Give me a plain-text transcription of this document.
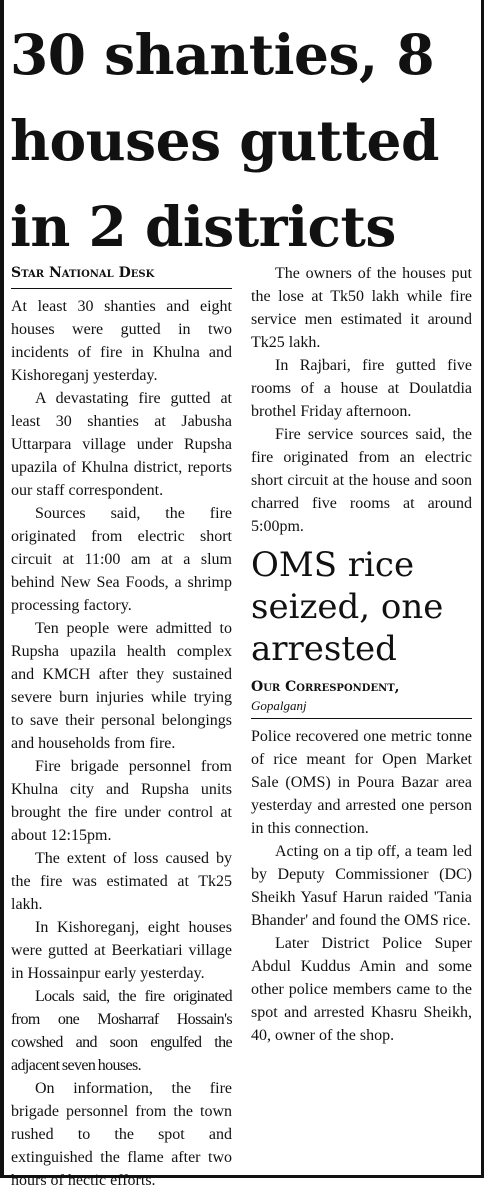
30 shanties, 8 houses gutted in 2 districts
Star National Desk

At least 30 shanties and eight houses were gutted in two incidents of fire in Khulna and Kishoreganj yesterday.

A devastating fire gutted at least 30 shanties at Jabusha Uttarpara village under Rupsha upazila of Khulna district, reports our staff correspondent.

Sources said, the fire originated from electric short circuit at 11:00 am at a slum behind New Sea Foods, a shrimp processing factory.

Ten people were admitted to Rupsha upazila health complex and KMCH after they sustained severe burn injuries while trying to save their personal belongings and households from fire.

Fire brigade personnel from Khulna city and Rupsha units brought the fire under control at about 12:15pm.

The extent of loss caused by the fire was estimated at Tk25 lakh.

In Kishoreganj, eight houses were gutted at Beerkatiari village in Hossainpur early yesterday.

Locals said, the fire originated from one Mosharraf Hossain's cowshed and soon engulfed the adjacent seven houses.

On information, the fire brigade personnel from the town rushed to the spot and extinguished the flame after two hours of hectic efforts.

The owners of the houses put the lose at Tk50 lakh while fire service men estimated it around Tk25 lakh.

In Rajbari, fire gutted five rooms of a house at Doulatdia brothel Friday afternoon.

Fire service sources said, the fire originated from an electric short circuit at the house and soon charred five rooms at around 5:00pm.

OMS rice seized, one arrested
Our Correspondent,
Gopalganj

Police recovered one metric tonne of rice meant for Open Market Sale (OMS) in Poura Bazar area yesterday and arrested one person in this connection.

Acting on a tip off, a team led by Deputy Commissioner (DC) Sheikh Yasuf Harun raided 'Tania Bhander' and found the OMS rice.

Later District Police Super Abdul Kuddus Amin and some other police members came to the spot and arrested Khasru Sheikh, 40, owner of the shop.
